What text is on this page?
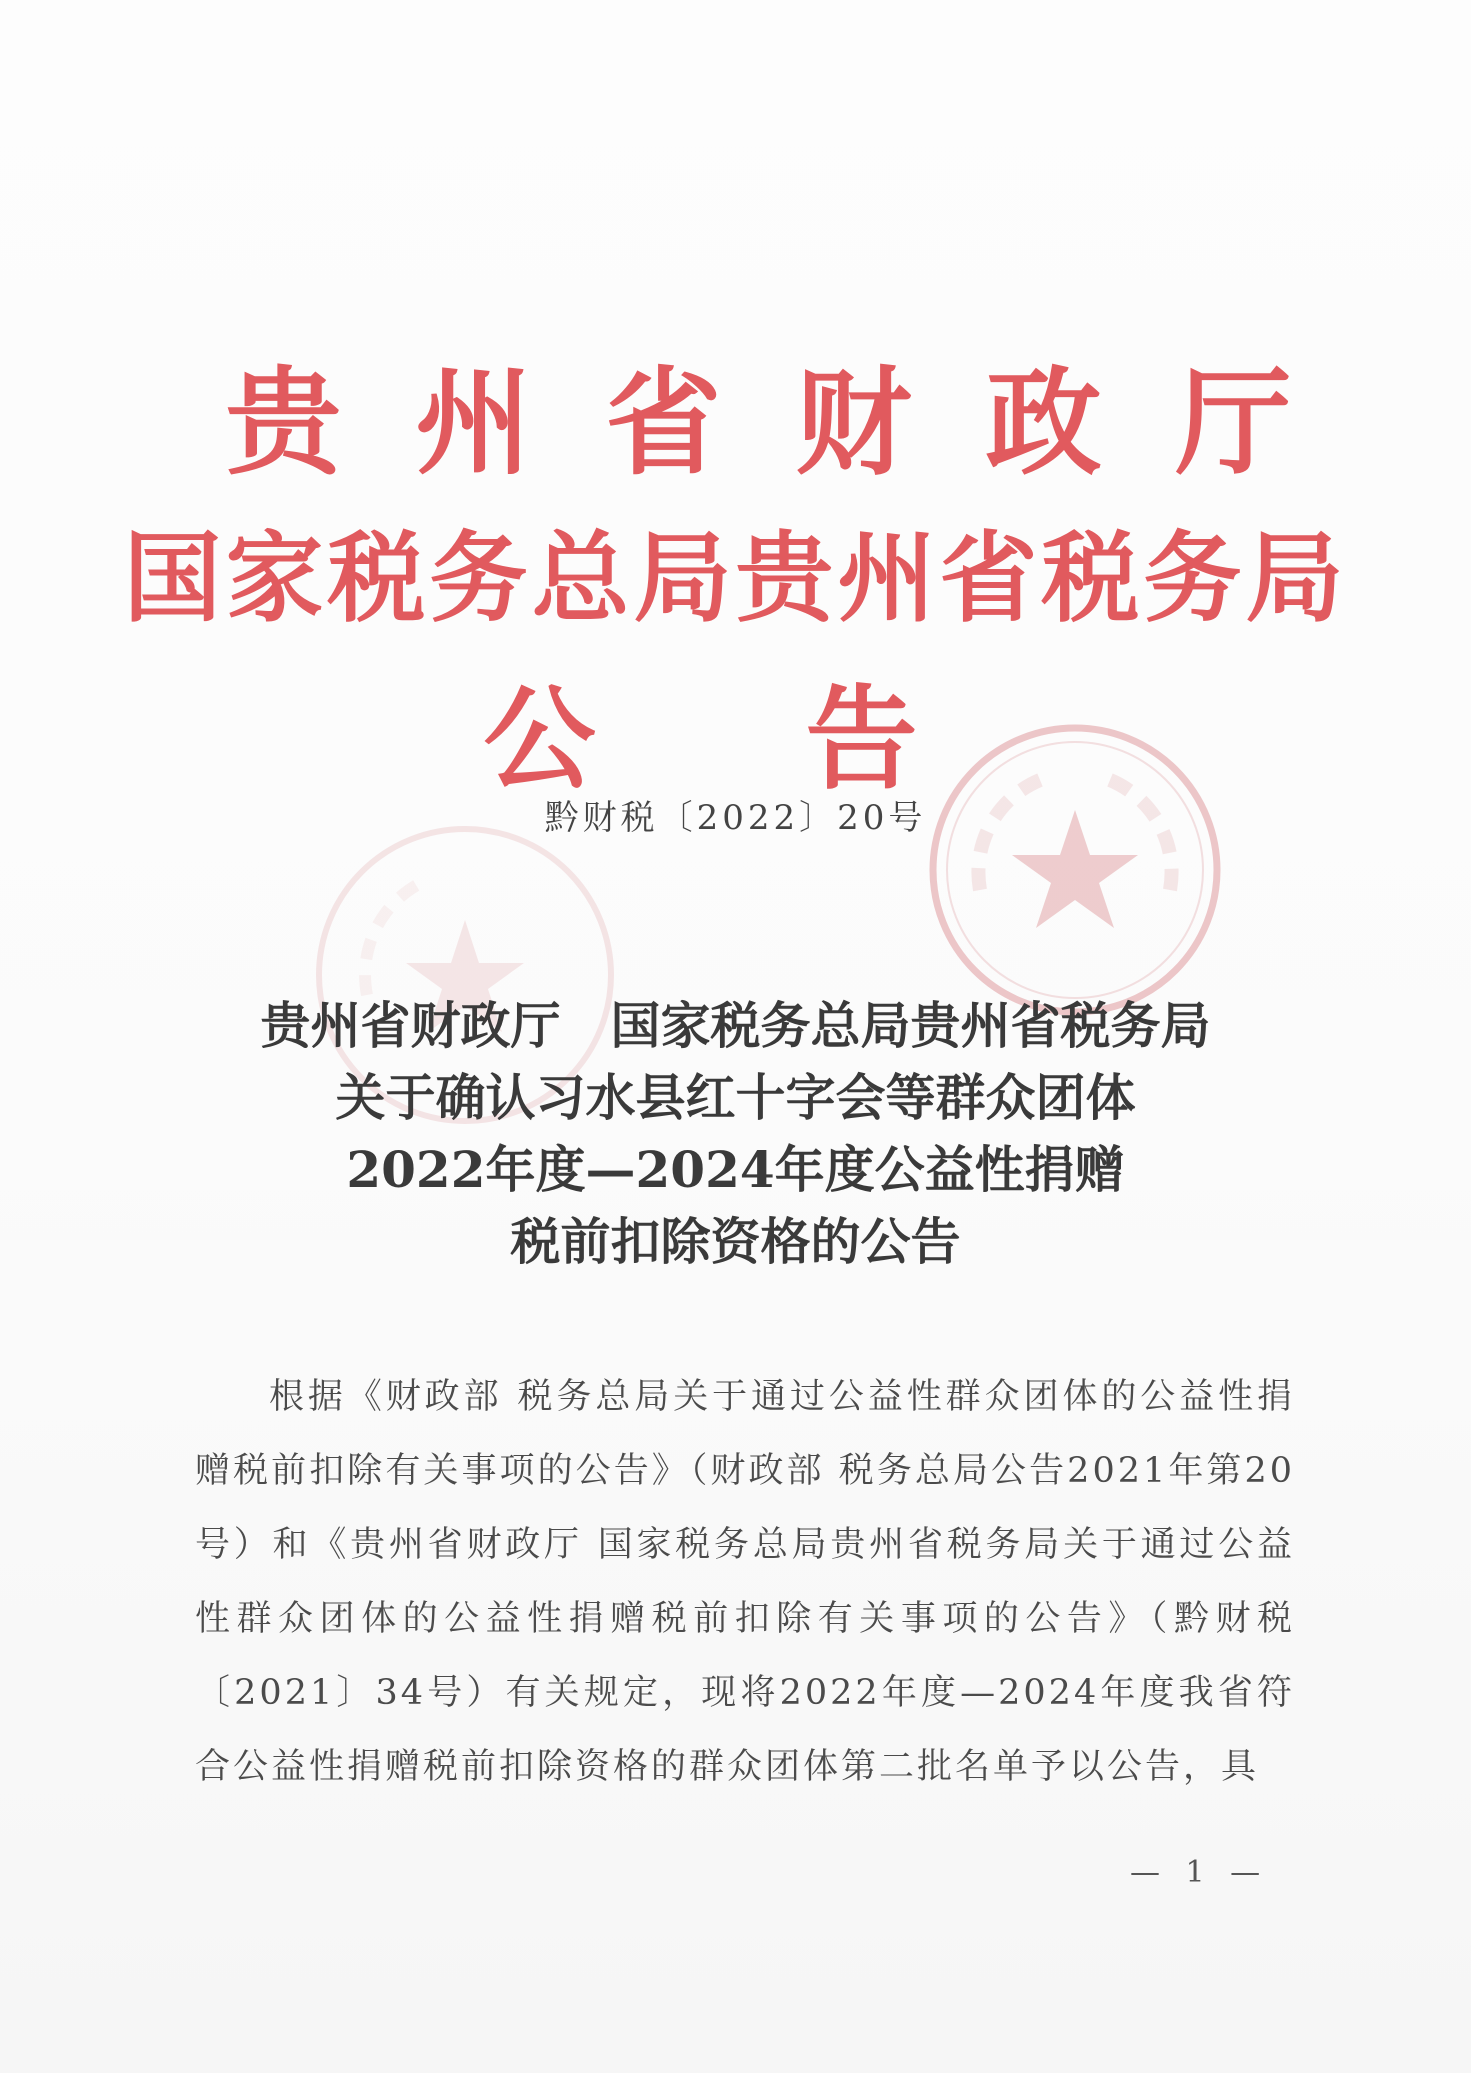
贵州省财政厅
国家税务总局贵州省税务局
公告
黔财税〔2022〕20号
贵州省财政厅　国家税务总局贵州省税务局
关于确认习水县红十字会等群众团体
2022年度—2024年度公益性捐赠
税前扣除资格的公告

根据《财政部 税务总局关于通过公益性群众团体的公益性捐赠税前扣除有关事项的公告》（财政部 税务总局公告2021年第20号）和《贵州省财政厅 国家税务总局贵州省税务局关于通过公益性群众团体的公益性捐赠税前扣除有关事项的公告》（黔财税〔2021〕34号）有关规定，现将2022年度—2024年度我省符合公益性捐赠税前扣除资格的群众团体第二批名单予以公告，具

— 1 —
